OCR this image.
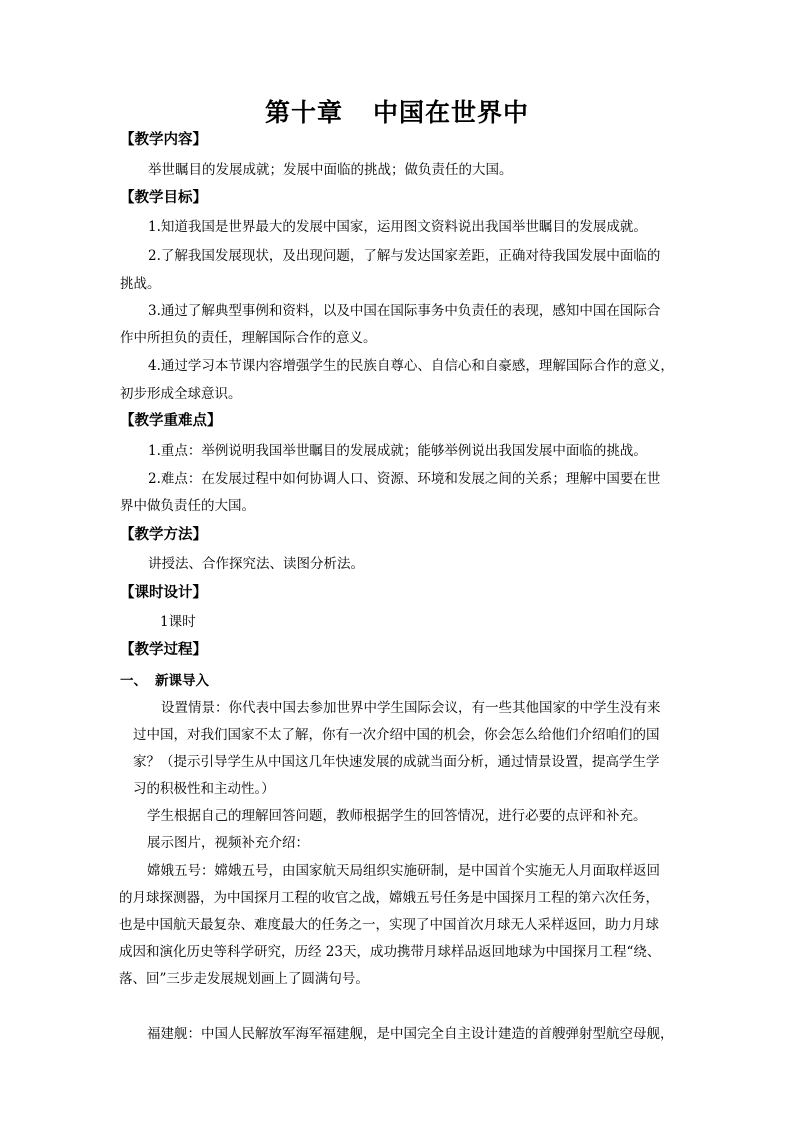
第十章 中国在世界中
【教学内容】
举世瞩目的发展成就；发展中面临的挑战；做负责任的大国。
【教学目标】
1.知道我国是世界最大的发展中国家，运用图文资料说出我国举世瞩目的发展成就。
2.了解我国发展现状，及出现问题，了解与发达国家差距，正确对待我国发展中面临的
挑战。
3.通过了解典型事例和资料，以及中国在国际事务中负责任的表现，感知中国在国际合
作中所担负的责任，理解国际合作的意义。
4.通过学习本节课内容增强学生的民族自尊心、自信心和自豪感，理解国际合作的意义，
初步形成全球意识。
【教学重难点】
1.重点：举例说明我国举世瞩目的发展成就；能够举例说出我国发展中面临的挑战。
2.难点：在发展过程中如何协调人口、资源、环境和发展之间的关系；理解中国要在世
界中做负责任的大国。
【教学方法】
讲授法、合作探究法、读图分析法。
【课时设计】
1课时
【教学过程】
一、 新课导入
设置情景：你代表中国去参加世界中学生国际会议，有一些其他国家的中学生没有来
过中国，对我们国家不太了解，你有一次介绍中国的机会，你会怎么给他们介绍咱们的国
家？（提示引导学生从中国这几年快速发展的成就当面分析，通过情景设置，提高学生学
习的积极性和主动性。）
学生根据自己的理解回答问题，教师根据学生的回答情况，进行必要的点评和补充。
展示图片，视频补充介绍：
嫦娥五号：嫦娥五号，由国家航天局组织实施研制，是中国首个实施无人月面取样返回
的月球探测器，为中国探月工程的收官之战，嫦娥五号任务是中国探月工程的第六次任务，
也是中国航天最复杂、难度最大的任务之一，实现了中国首次月球无人采样返回，助力月球
成因和演化历史等科学研究，历经 23天，成功携带月球样品返回地球为中国探月工程“绕、
落、回”三步走发展规划画上了圆满句号。
福建舰：中国人民解放军海军福建舰，是中国完全自主设计建造的首艘弹射型航空母舰，
